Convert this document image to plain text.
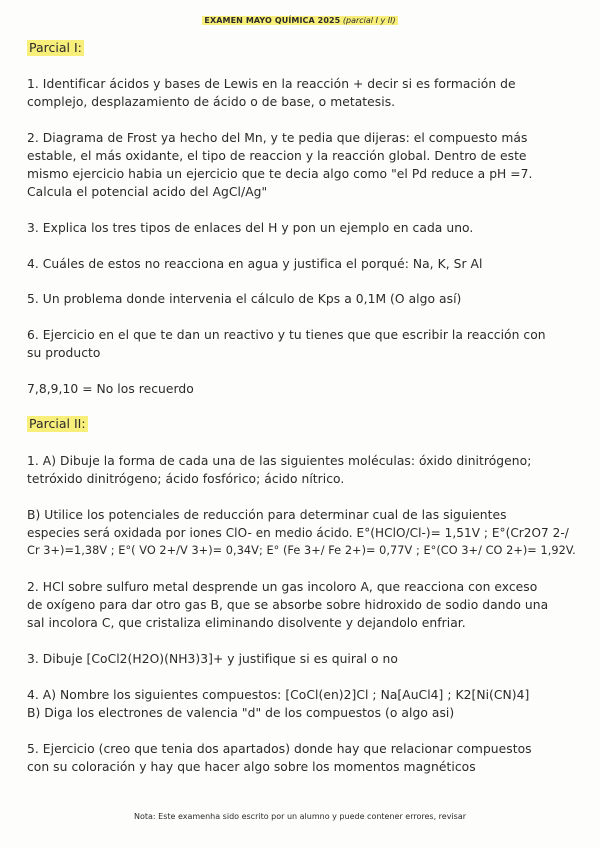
EXAMEN MAYO QUÍMICA 2025 (parcial I y II)
Parcial I:
1. Identificar ácidos y bases de Lewis en la reacción + decir si es formación de
complejo, desplazamiento de ácido o de base, o metatesis.
2. Diagrama de Frost ya hecho del Mn, y te pedia que dijeras: el compuesto más
estable, el más oxidante, el tipo de reaccion y la reacción global. Dentro de este
mismo ejercicio habia un ejercicio que te decia algo como "el Pd reduce a pH =7.
Calcula el potencial acido del AgCl/Ag"
3. Explica los tres tipos de enlaces del H y pon un ejemplo en cada uno.
4. Cuáles de estos no reacciona en agua y justifica el porqué: Na, K, Sr Al
5. Un problema donde intervenia el cálculo de Kps a 0,1M (O algo así)
6. Ejercicio en el que te dan un reactivo y tu tienes que que escribir la reacción con
su producto
7,8,9,10 = No los recuerdo
Parcial II:
1. A) Dibuje la forma de cada una de las siguientes moléculas: óxido dinitrógeno;
tetróxido dinitrógeno; ácido fosfórico; ácido nítrico.
B) Utilice los potenciales de reducción para determinar cual de las siguientes
especies será oxidada por iones ClO- en medio ácido. E°(HClO/Cl-)= 1,51V ; E°(Cr2O7 2-/
Cr 3+)=1,38V ; E°( VO 2+/V 3+)= 0,34V; E° (Fe 3+/ Fe 2+)= 0,77V ; E°(CO 3+/ CO 2+)= 1,92V.
2. HCl sobre sulfuro metal desprende un gas incoloro A, que reacciona con exceso
de oxígeno para dar otro gas B, que se absorbe sobre hidroxido de sodio dando una
sal incolora C, que cristaliza eliminando disolvente y dejandolo enfriar.
3. Dibuje [CoCl2(H2O)(NH3)3]+ y justifique si es quiral o no
4. A) Nombre los siguientes compuestos: [CoCl(en)2]Cl ; Na[AuCl4] ; K2[Ni(CN)4]
B) Diga los electrones de valencia "d" de los compuestos (o algo asi)
5. Ejercicio (creo que tenia dos apartados) donde hay que relacionar compuestos
con su coloración y hay que hacer algo sobre los momentos magnéticos
Nota: Este examenha sido escrito por un alumno y puede contener errores, revisar
